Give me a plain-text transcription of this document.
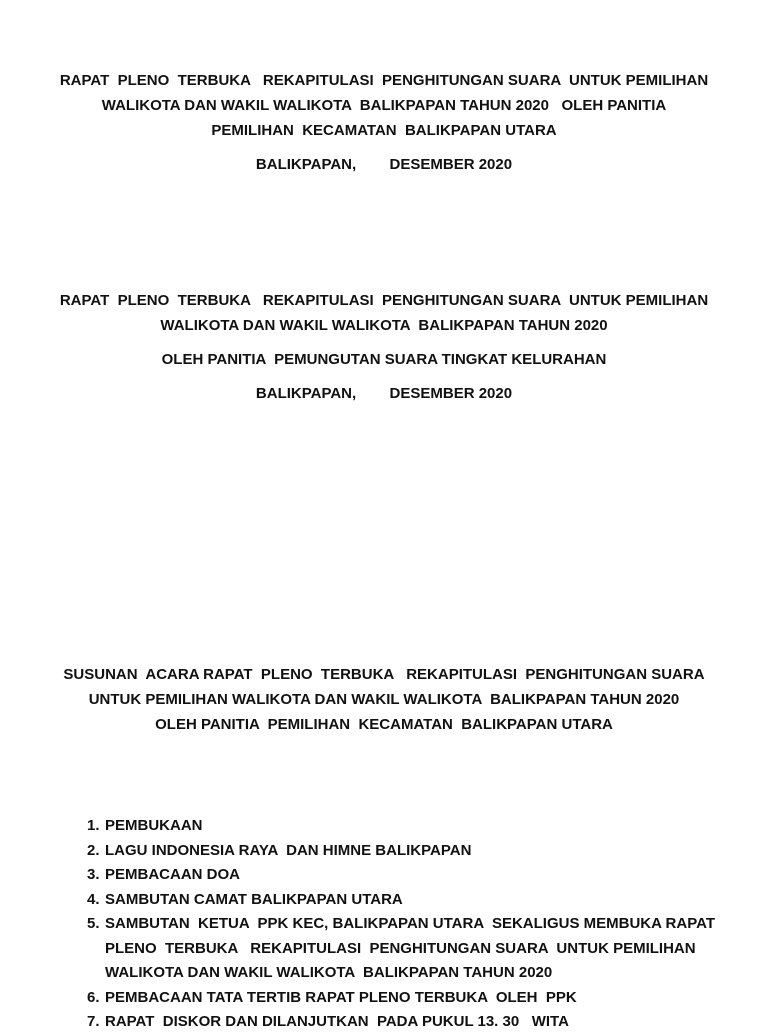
RAPAT  PLENO  TERBUKA   REKAPITULASI  PENGHITUNGAN SUARA  UNTUK PEMILIHAN
WALIKOTA DAN WAKIL WALIKOTA  BALIKPAPAN TAHUN 2020   OLEH PANITIA
PEMILIHAN  KECAMATAN  BALIKPAPAN UTARA
BALIKPAPAN,        DESEMBER 2020
RAPAT  PLENO  TERBUKA   REKAPITULASI  PENGHITUNGAN SUARA  UNTUK PEMILIHAN
WALIKOTA DAN WAKIL WALIKOTA  BALIKPAPAN TAHUN 2020
OLEH PANITIA  PEMUNGUTAN SUARA TINGKAT KELURAHAN
BALIKPAPAN,        DESEMBER 2020
SUSUNAN  ACARA RAPAT  PLENO  TERBUKA   REKAPITULASI  PENGHITUNGAN SUARA
UNTUK PEMILIHAN WALIKOTA DAN WAKIL WALIKOTA  BALIKPAPAN TAHUN 2020
OLEH PANITIA  PEMILIHAN  KECAMATAN  BALIKPAPAN UTARA
1. PEMBUKAAN
2. LAGU INDONESIA RAYA  DAN HIMNE BALIKPAPAN
3. PEMBACAAN DOA
4. SAMBUTAN CAMAT BALIKPAPAN UTARA
5. SAMBUTAN  KETUA  PPK KEC, BALIKPAPAN UTARA  SEKALIGUS MEMBUKA RAPAT PLENO  TERBUKA   REKAPITULASI  PENGHITUNGAN SUARA  UNTUK PEMILIHAN WALIKOTA DAN WAKIL WALIKOTA  BALIKPAPAN TAHUN 2020
6. PEMBACAAN TATA TERTIB RAPAT PLENO TERBUKA  OLEH  PPK
7. RAPAT  DISKOR DAN DILANJUTKAN  PADA PUKUL 13. 30   WITA
